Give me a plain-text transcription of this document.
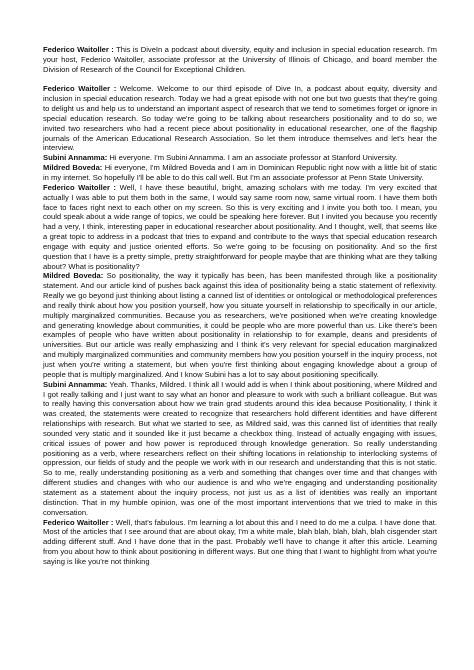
Federico Waitoller : This is DiveIn a podcast about diversity, equity and inclusion in special education research. I'm your host, Federico Waitoller, associate professor at the University of Illinois of Chicago, and board member the Division of Research of the Council for Exceptional Children.

Federico Waitoller : Welcome. Welcome to our third episode of Dive In, a podcast about equity, diversity and inclusion in special education research. Today we had a great episode with not one but two guests that they're going to delight us and help us to understand an important aspect of research that we tend to sometimes forget or ignore in special education research. So today we're going to be talking about researchers positionality and to do so, we invited two researchers who had a recent piece about positionality in educational researcher, one of the flagship journals of the American Educational Research Association. So let them introduce themselves and let's hear the interview.

Subini Annamma: Hi everyone. I'm Subini Annamma. I am an associate professor at Stanford University.

Mildred Boveda: Hi everyone, I'm Mildred Boveda and I am in Dominican Republic right now with a little bit of static in my internet. So hopefully I'll be able to do this call well. But I'm an associate professor at Penn State University.

Federico Waitoller : Well, I have these beautiful, bright, amazing scholars with me today. I'm very excited that actually I was able to put them both in the same, I would say same room now, same virtual room. I have them both face to faces right next to each other on my screen. So this is very exciting and I invite you both too. I mean, you could speak about a wide range of topics, we could be speaking here forever. But I invited you because you recently had a very, I think, interesting paper in educational researcher about positionality. And I thought, well, that seems like a great topic to address in a podcast that tries to expand and contribute to the ways that special education research engage with equity and justice oriented efforts. So we're going to be focusing on positionality. And so the first question that I have is a pretty simple, pretty straightforward for people maybe that are thinking what are they talking about? What is positionality?

Mildred Boveda: So positionality, the way it typically has been, has been manifested through like a positionality statement. And our article kind of pushes back against this idea of positionality being a static statement of reflexivity. Really we go beyond just thinking about listing a canned list of identities or ontological or methodological preferences and really think about how you position yourself, how you situate yourself in relationship to specifically in our article, multiply marginalized communities. Because you as researchers, we're positioned when we're creating knowledge and generating knowledge about communities, it could be people who are more powerful than us. Like there's been examples of people who have written about positionality in relationship to for example, deans and presidents of universities. But our article was really emphasizing and I think it's very relevant for special education marginalized and multiply marginalized communities and community members how you position yourself in the inquiry process, not just when you're writing a statement, but when you're first thinking about engaging knowledge about a group of people that is multiply marginalized. And I know Subini has a lot to say about positioning specifically.

Subini Annamma: Yeah. Thanks, Mildred. I think all I would add is when I think about positioning, where Mildred and I got really talking and I just want to say what an honor and pleasure to work with such a brilliant colleague. But was to really having this conversation about how we train grad students around this idea because Positionality, I think it was created, the statements were created to recognize that researchers hold different identities and have different relationships with research. But what we started to see, as Mildred said, was this canned list of identities that really sounded very static and it sounded like it just became a checkbox thing. Instead of actually engaging with issues, critical issues of power and how power is reproduced through knowledge generation. So really understanding positioning as a verb, where researchers reflect on their shifting locations in relationship to interlocking systems of oppression, our fields of study and the people we work with in our research and understanding that this is not static. So to me, really understanding positioning as a verb and something that changes over time and that changes with different studies and changes with who our audience is and who we're engaging and understanding positionality statement as a statement about the inquiry process, not just us as a list of identities was really an important distinction. That in my humble opinion, was one of the most important interventions that we tried to make in this conversation.

Federico Waitoller : Well, that's fabulous. I'm learning a lot about this and I need to do me a culpa. I have done that. Most of the articles that I see around that are about okay, I'm a white male, blah blah, blah, blah, blah cisgender start adding different stuff. And I have done that in the past. Probably we'll have to change it after this article. Learning from you about how to think about positioning in different ways. But one thing that I want to highlight from what you're saying is like you're not thinking
